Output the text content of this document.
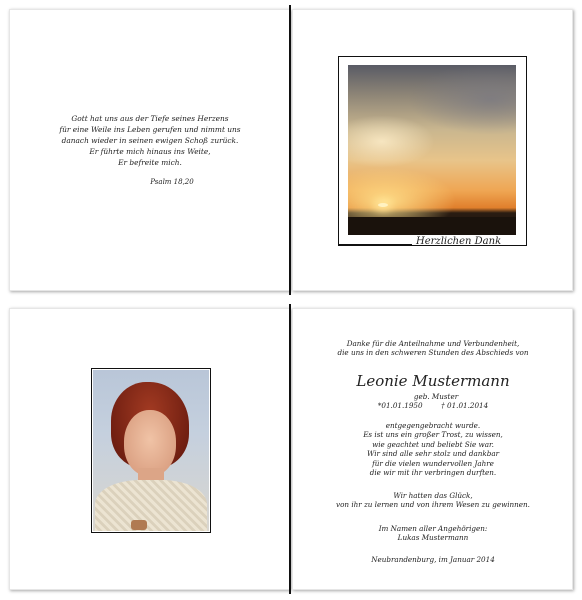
Gott hat uns aus der Tiefe seines Herzens
für eine Weile ins Leben gerufen und nimmt uns
danach wieder in seinen ewigen Schoß zurück.
Er führte mich hinaus ins Weite,
Er befreite mich.
Psalm 18,20
Herzlichen Dank
Danke für die Anteilnahme und Verbundenheit,
die uns in den schweren Stunden des Abschieds von
Leonie Mustermann
geb. Muster
*01.01.1950	† 01.01.2014
entgegengebracht wurde.
Es ist uns ein großer Trost, zu wissen,
wie geachtet und beliebt Sie war.
Wir sind alle sehr stolz und dankbar
für die vielen wundervollen Jahre
die wir mit ihr verbringen durften.
Wir hatten das Glück,
von ihr zu lernen und von ihrem Wesen zu gewinnen.
Im Namen aller Angehörigen:
Lukas Mustermann
Neubrandenburg, im Januar 2014
